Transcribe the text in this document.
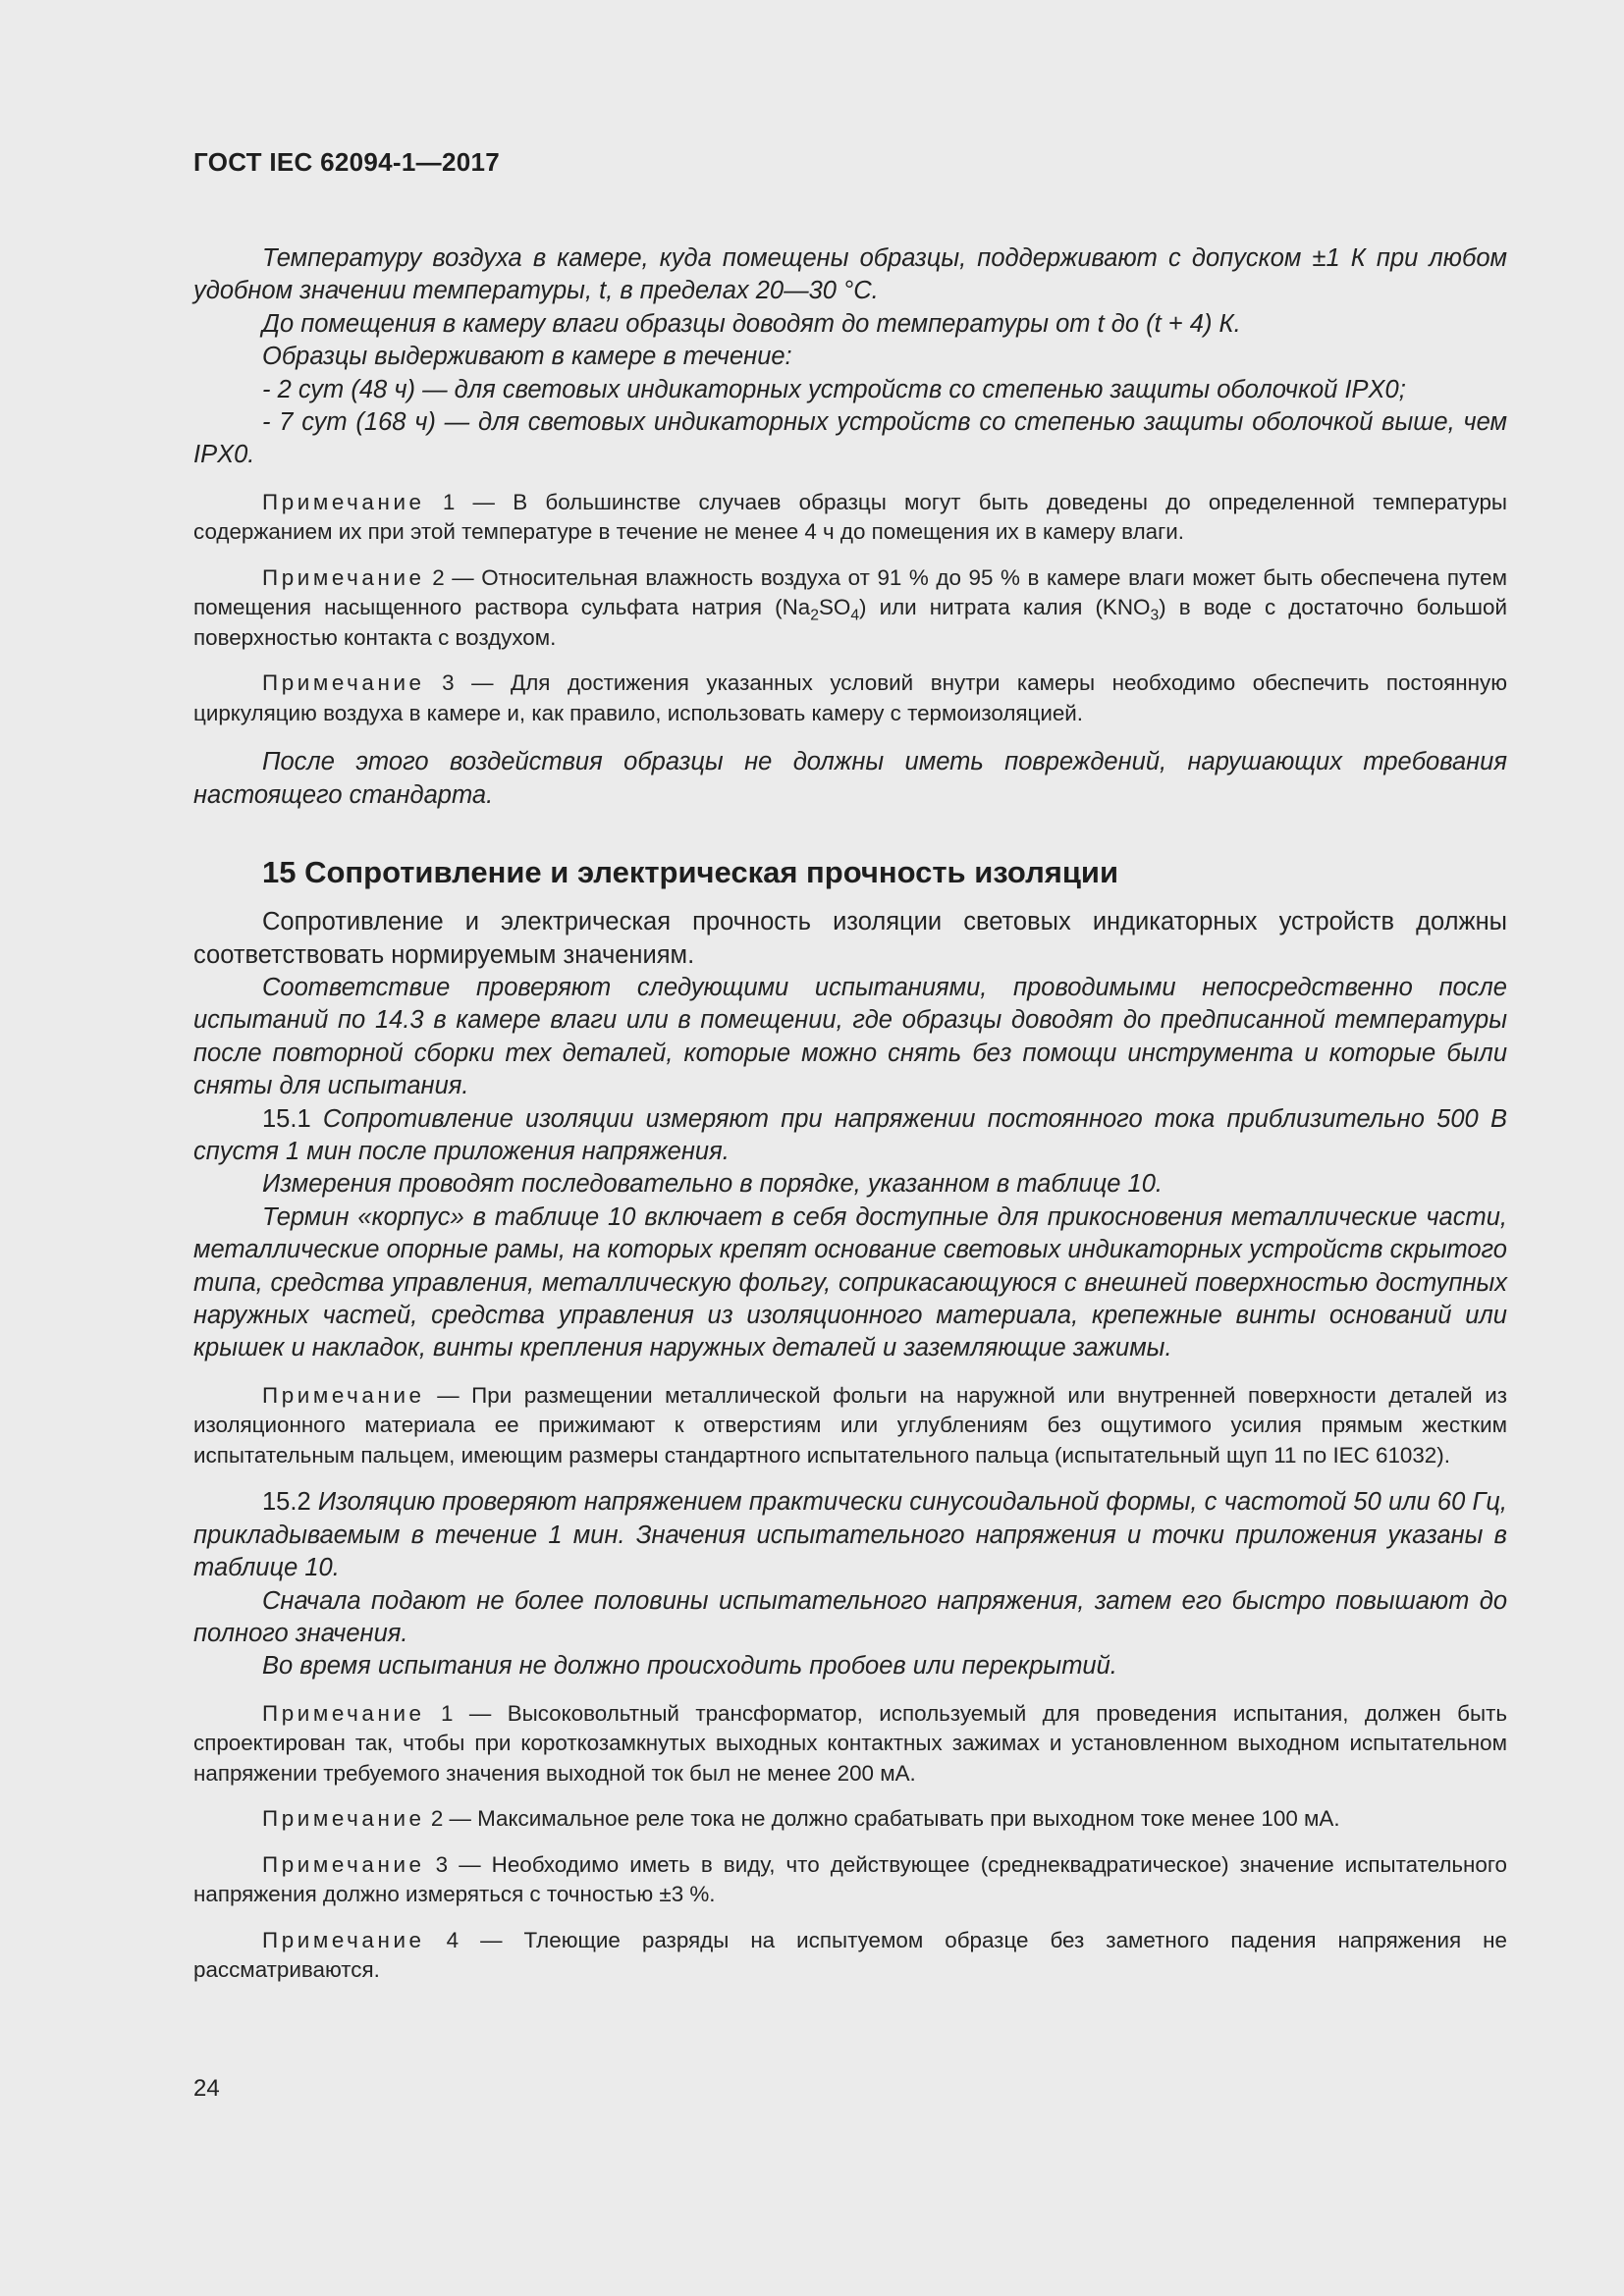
ГОСТ IEC 62094-1—2017

Температуру воздуха в камере, куда помещены образцы, поддерживают с допуском ±1 К при любом удобном значении температуры, t, в пределах 20—30 °С.

До помещения в камеру влаги образцы доводят до температуры от t до (t + 4) К.

Образцы выдерживают в камере в течение:

- 2 сут (48 ч) — для световых индикаторных устройств со степенью защиты оболочкой IPX0;

- 7 сут (168 ч) — для световых индикаторных устройств со степенью защиты оболочкой выше, чем IPX0.

Примечание 1 — В большинстве случаев образцы могут быть доведены до определенной температуры содержанием их при этой температуре в течение не менее 4 ч до помещения их в камеру влаги.

Примечание 2 — Относительная влажность воздуха от 91 % до 95 % в камере влаги может быть обеспечена путем помещения насыщенного раствора сульфата натрия $(Na_2SO_4)$ или нитрата калия $(KNO_3)$ в воде с достаточно большой поверхностью контакта с воздухом.

Примечание 3 — Для достижения указанных условий внутри камеры необходимо обеспечить постоянную циркуляцию воздуха в камере и, как правило, использовать камеру с термоизоляцией.

После этого воздействия образцы не должны иметь повреждений, нарушающих требования настоящего стандарта.

15 Сопротивление и электрическая прочность изоляции

Сопротивление и электрическая прочность изоляции световых индикаторных устройств должны соответствовать нормируемым значениям.

Соответствие проверяют следующими испытаниями, проводимыми непосредственно после испытаний по 14.3 в камере влаги или в помещении, где образцы доводят до предписанной температуры после повторной сборки тех деталей, которые можно снять без помощи инструмента и которые были сняты для испытания.

15.1 Сопротивление изоляции измеряют при напряжении постоянного тока приблизительно 500 В спустя 1 мин после приложения напряжения.

Измерения проводят последовательно в порядке, указанном в таблице 10.

Термин «корпус» в таблице 10 включает в себя доступные для прикосновения металлические части, металлические опорные рамы, на которых крепят основание световых индикаторных устройств скрытого типа, средства управления, металлическую фольгу, соприкасающуюся с внешней поверхностью доступных наружных частей, средства управления из изоляционного материала, крепежные винты оснований или крышек и накладок, винты крепления наружных деталей и заземляющие зажимы.

Примечание — При размещении металлической фольги на наружной или внутренней поверхности деталей из изоляционного материала ее прижимают к отверстиям или углублениям без ощутимого усилия прямым жестким испытательным пальцем, имеющим размеры стандартного испытательного пальца (испытательный щуп 11 по IEC 61032).

15.2 Изоляцию проверяют напряжением практически синусоидальной формы, с частотой 50 или 60 Гц, прикладываемым в течение 1 мин. Значения испытательного напряжения и точки приложения указаны в таблице 10.

Сначала подают не более половины испытательного напряжения, затем его быстро повышают до полного значения.

Во время испытания не должно происходить пробоев или перекрытий.

Примечание 1 — Высоковольтный трансформатор, используемый для проведения испытания, должен быть спроектирован так, чтобы при короткозамкнутых выходных контактных зажимах и установленном выходном испытательном напряжении требуемого значения выходной ток был не менее 200 мА.

Примечание 2 — Максимальное реле тока не должно срабатывать при выходном токе менее 100 мА.

Примечание 3 — Необходимо иметь в виду, что действующее (среднеквадратическое) значение испытательного напряжения должно измеряться с точностью ±3 %.

Примечание 4 — Тлеющие разряды на испытуемом образце без заметного падения напряжения не рассматриваются.

24
